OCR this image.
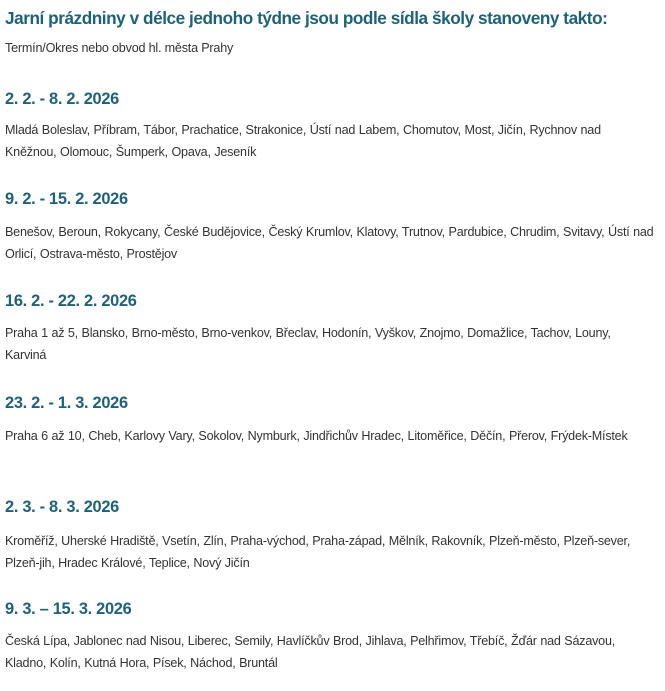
Jarní prázdniny v délce jednoho týdne jsou podle sídla školy stanoveny takto:

Termín/Okres nebo obvod hl. města Prahy

2. 2. - 8. 2. 2026

Mladá Boleslav, Příbram, Tábor, Prachatice, Strakonice, Ústí nad Labem, Chomutov, Most, Jičín, Rychnov nad Kněžnou, Olomouc, Šumperk, Opava, Jeseník

9. 2. - 15. 2. 2026

Benešov, Beroun, Rokycany, České Budějovice, Český Krumlov, Klatovy, Trutnov, Pardubice, Chrudim, Svitavy, Ústí nad Orlicí, Ostrava-město, Prostějov

16. 2. - 22. 2. 2026

Praha 1 až 5, Blansko, Brno-město, Brno-venkov, Břeclav, Hodonín, Vyškov, Znojmo, Domažlice, Tachov, Louny, Karviná

23. 2. - 1. 3. 2026

Praha 6 až 10, Cheb, Karlovy Vary, Sokolov, Nymburk, Jindřichův Hradec, Litoměřice, Děčín, Přerov, Frýdek-Místek

2. 3. - 8. 3. 2026

Kroměříž, Uherské Hradiště, Vsetín, Zlín, Praha-východ, Praha-západ, Mělník, Rakovník, Plzeň-město, Plzeň-sever, Plzeň-jih, Hradec Králové, Teplice, Nový Jičín

9. 3. – 15. 3. 2026

Česká Lípa, Jablonec nad Nisou, Liberec, Semily, Havlíčkův Brod, Jihlava, Pelhřimov, Třebíč, Žďár nad Sázavou, Kladno, Kolín, Kutná Hora, Písek, Náchod, Bruntál
